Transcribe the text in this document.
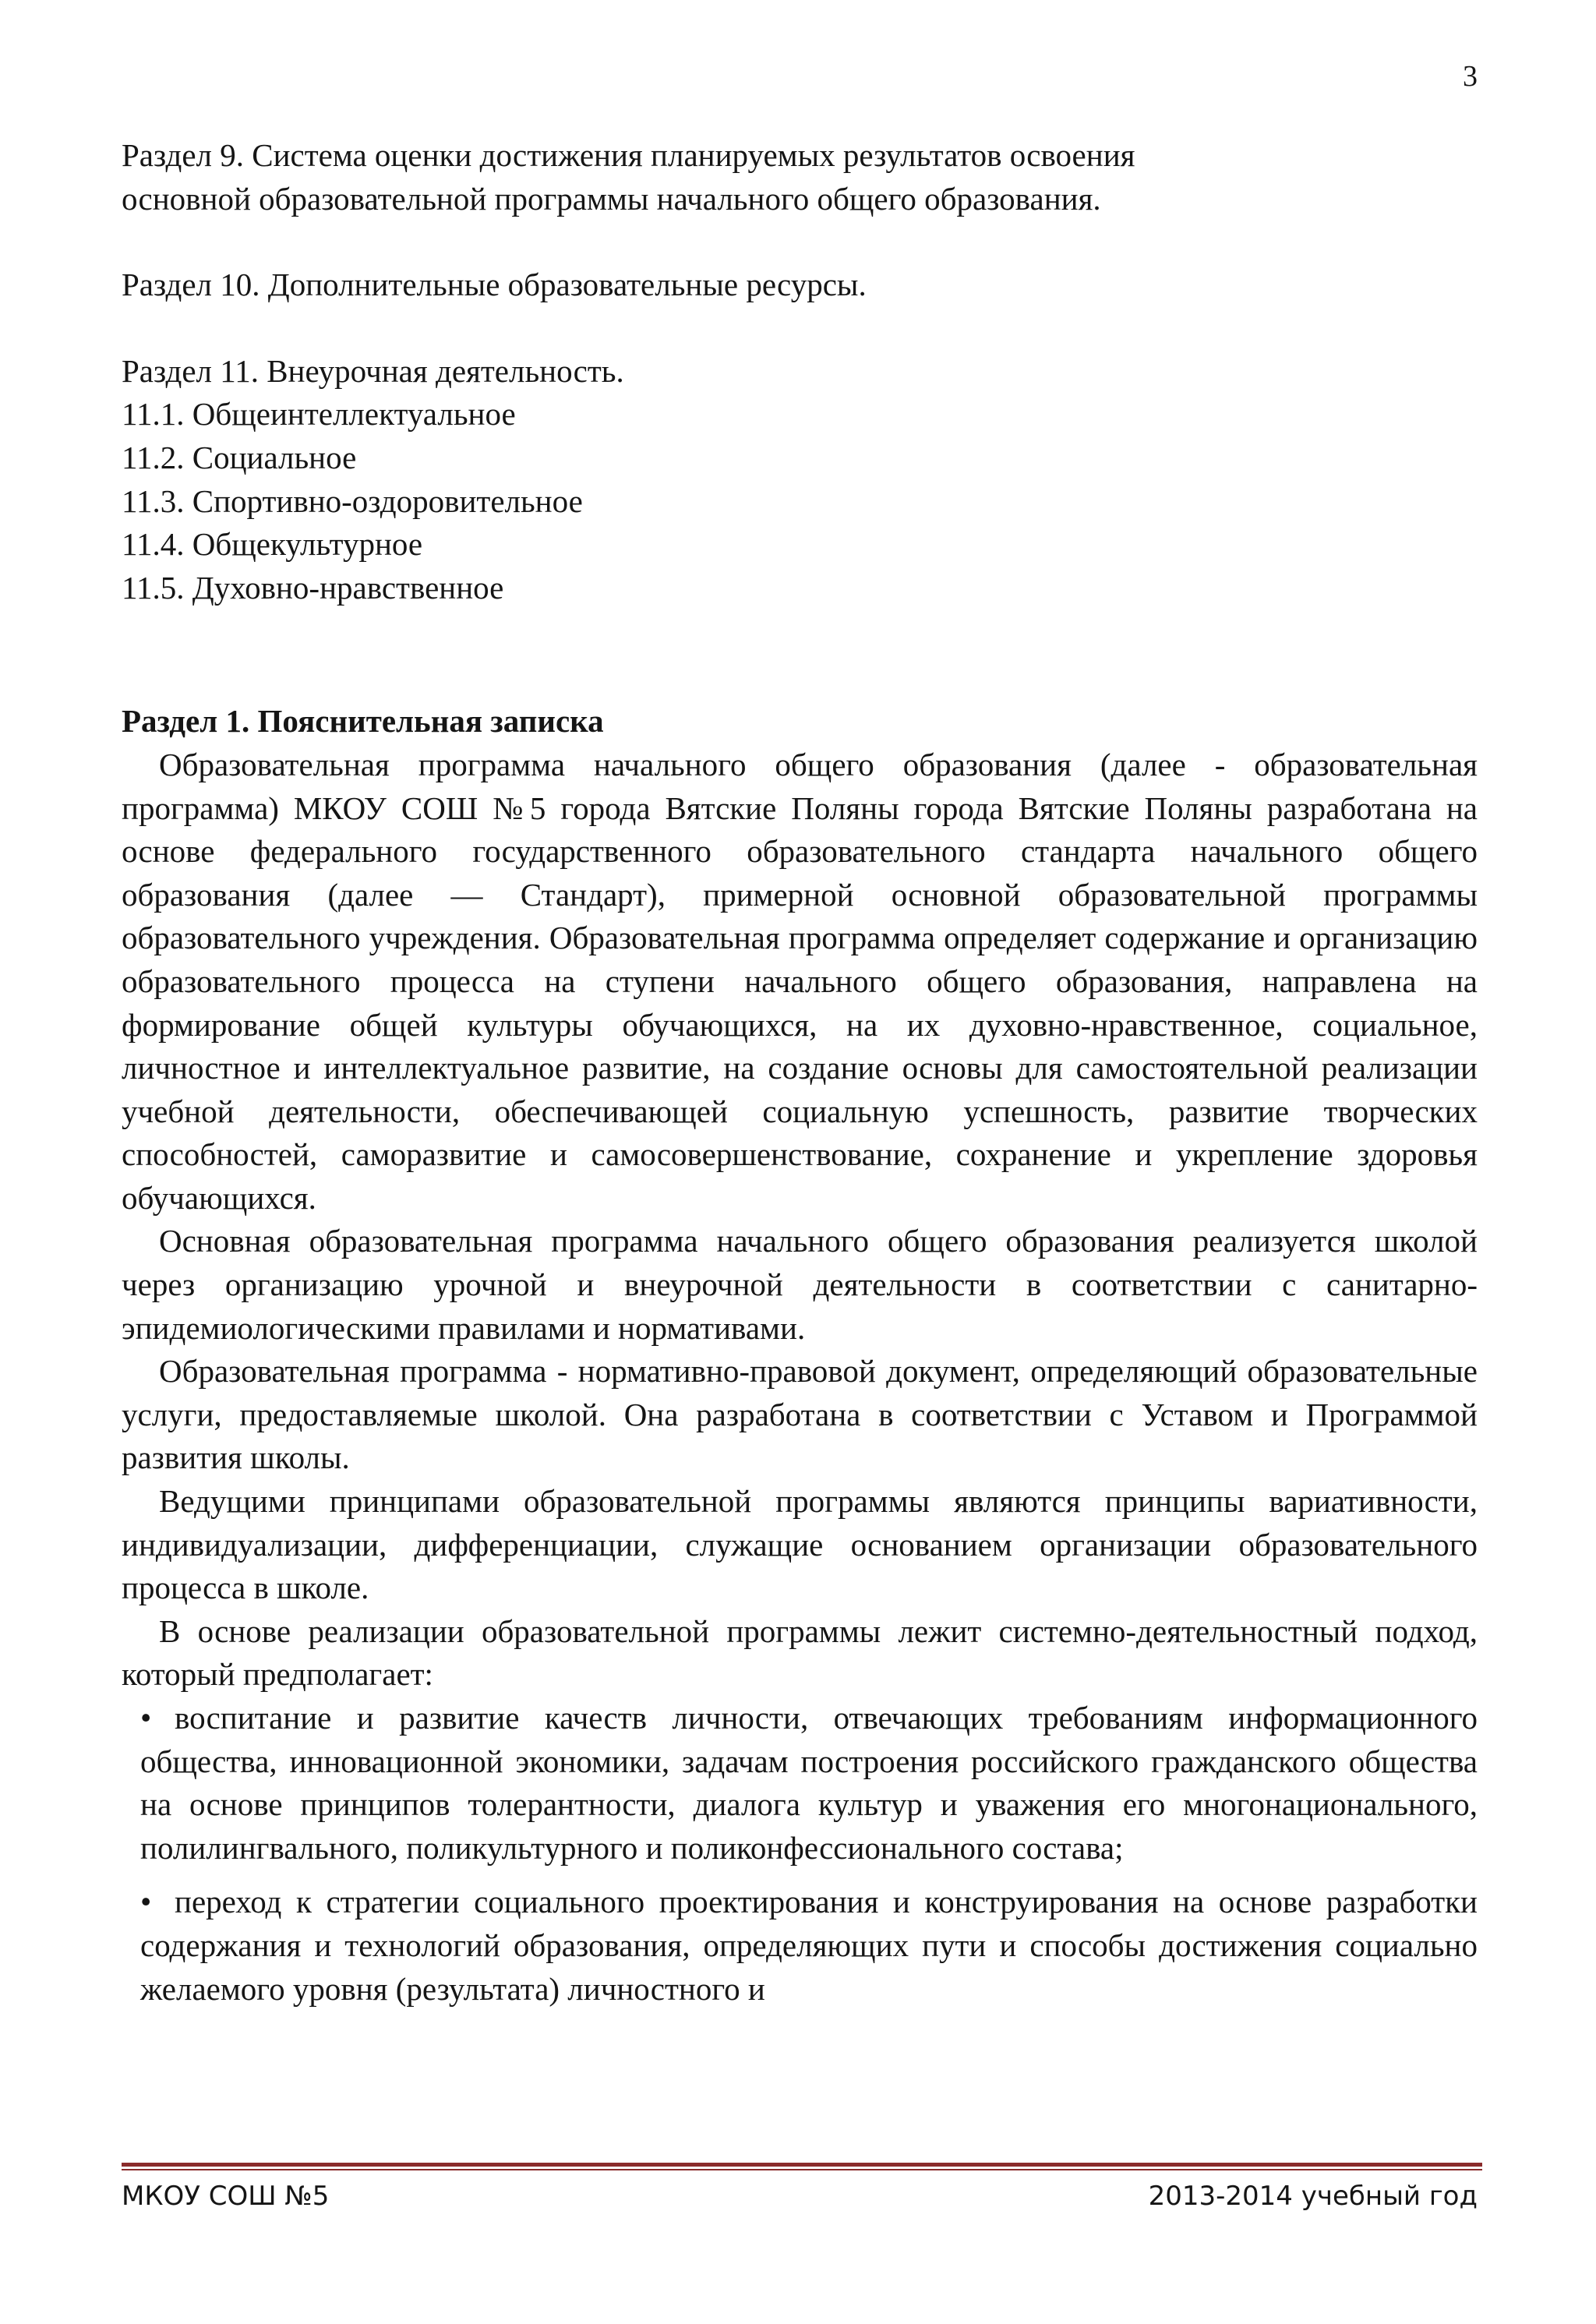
3

Раздел 9. Система оценки достижения планируемых результатов освоения

основной образовательной программы начального общего образования.

Раздел 10. Дополнительные образовательные ресурсы.

Раздел 11. Внеурочная деятельность.

11.1. Общеинтеллектуальное

11.2. Социальное

11.3. Спортивно-оздоровительное

11.4. Общекультурное

11.5. Духовно-нравственное

Раздел 1. Пояснительная записка

Образовательная программа начального общего образования (далее - образовательная программа) МКОУ СОШ №5 города Вятские Поляны города Вятские Поляны разработана на основе федерального государственного образовательного стандарта начального общего образования (далее — Стандарт), примерной основной образовательной программы образовательного учреждения. Образовательная программа определяет содержание и организацию образовательного процесса на ступени начального общего образования, направлена на формирование общей культуры обучающихся, на их духовно-нравственное, социальное, личностное и интеллектуальное развитие, на создание основы для самостоятельной реализации учебной деятельности, обеспечивающей социальную успешность, развитие творческих способностей, саморазвитие и самосовершенствование, сохранение и укрепление здоровья обучающихся.

Основная образовательная программа начального общего образования реализуется школой через организацию урочной и внеурочной деятельности в соответствии с санитарно-эпидемиологическими правилами и нормативами.

Образовательная программа - нормативно-правовой документ, определяющий образовательные услуги, предоставляемые школой. Она разработана в соответствии с Уставом и Программой развития школы.

Ведущими принципами образовательной программы являются принципы вариативности, индивидуализации, дифференциации, служащие основанием организации образовательного процесса в школе.

В основе реализации образовательной программы лежит системно-деятельностный подход, который предполагает:

• воспитание и развитие качеств личности, отвечающих требованиям информационного общества, инновационной экономики, задачам построения российского гражданского общества на основе принципов толерантности, диалога культур и уважения его многонационального, полилингвального, поликультурного и поликонфессионального состава;

• переход к стратегии социального проектирования и конструирования на основе разработки содержания и технологий образования, определяющих пути и способы достижения социально желаемого уровня (результата) личностного и

МКОУ СОШ №5	2013-2014 учебный год
